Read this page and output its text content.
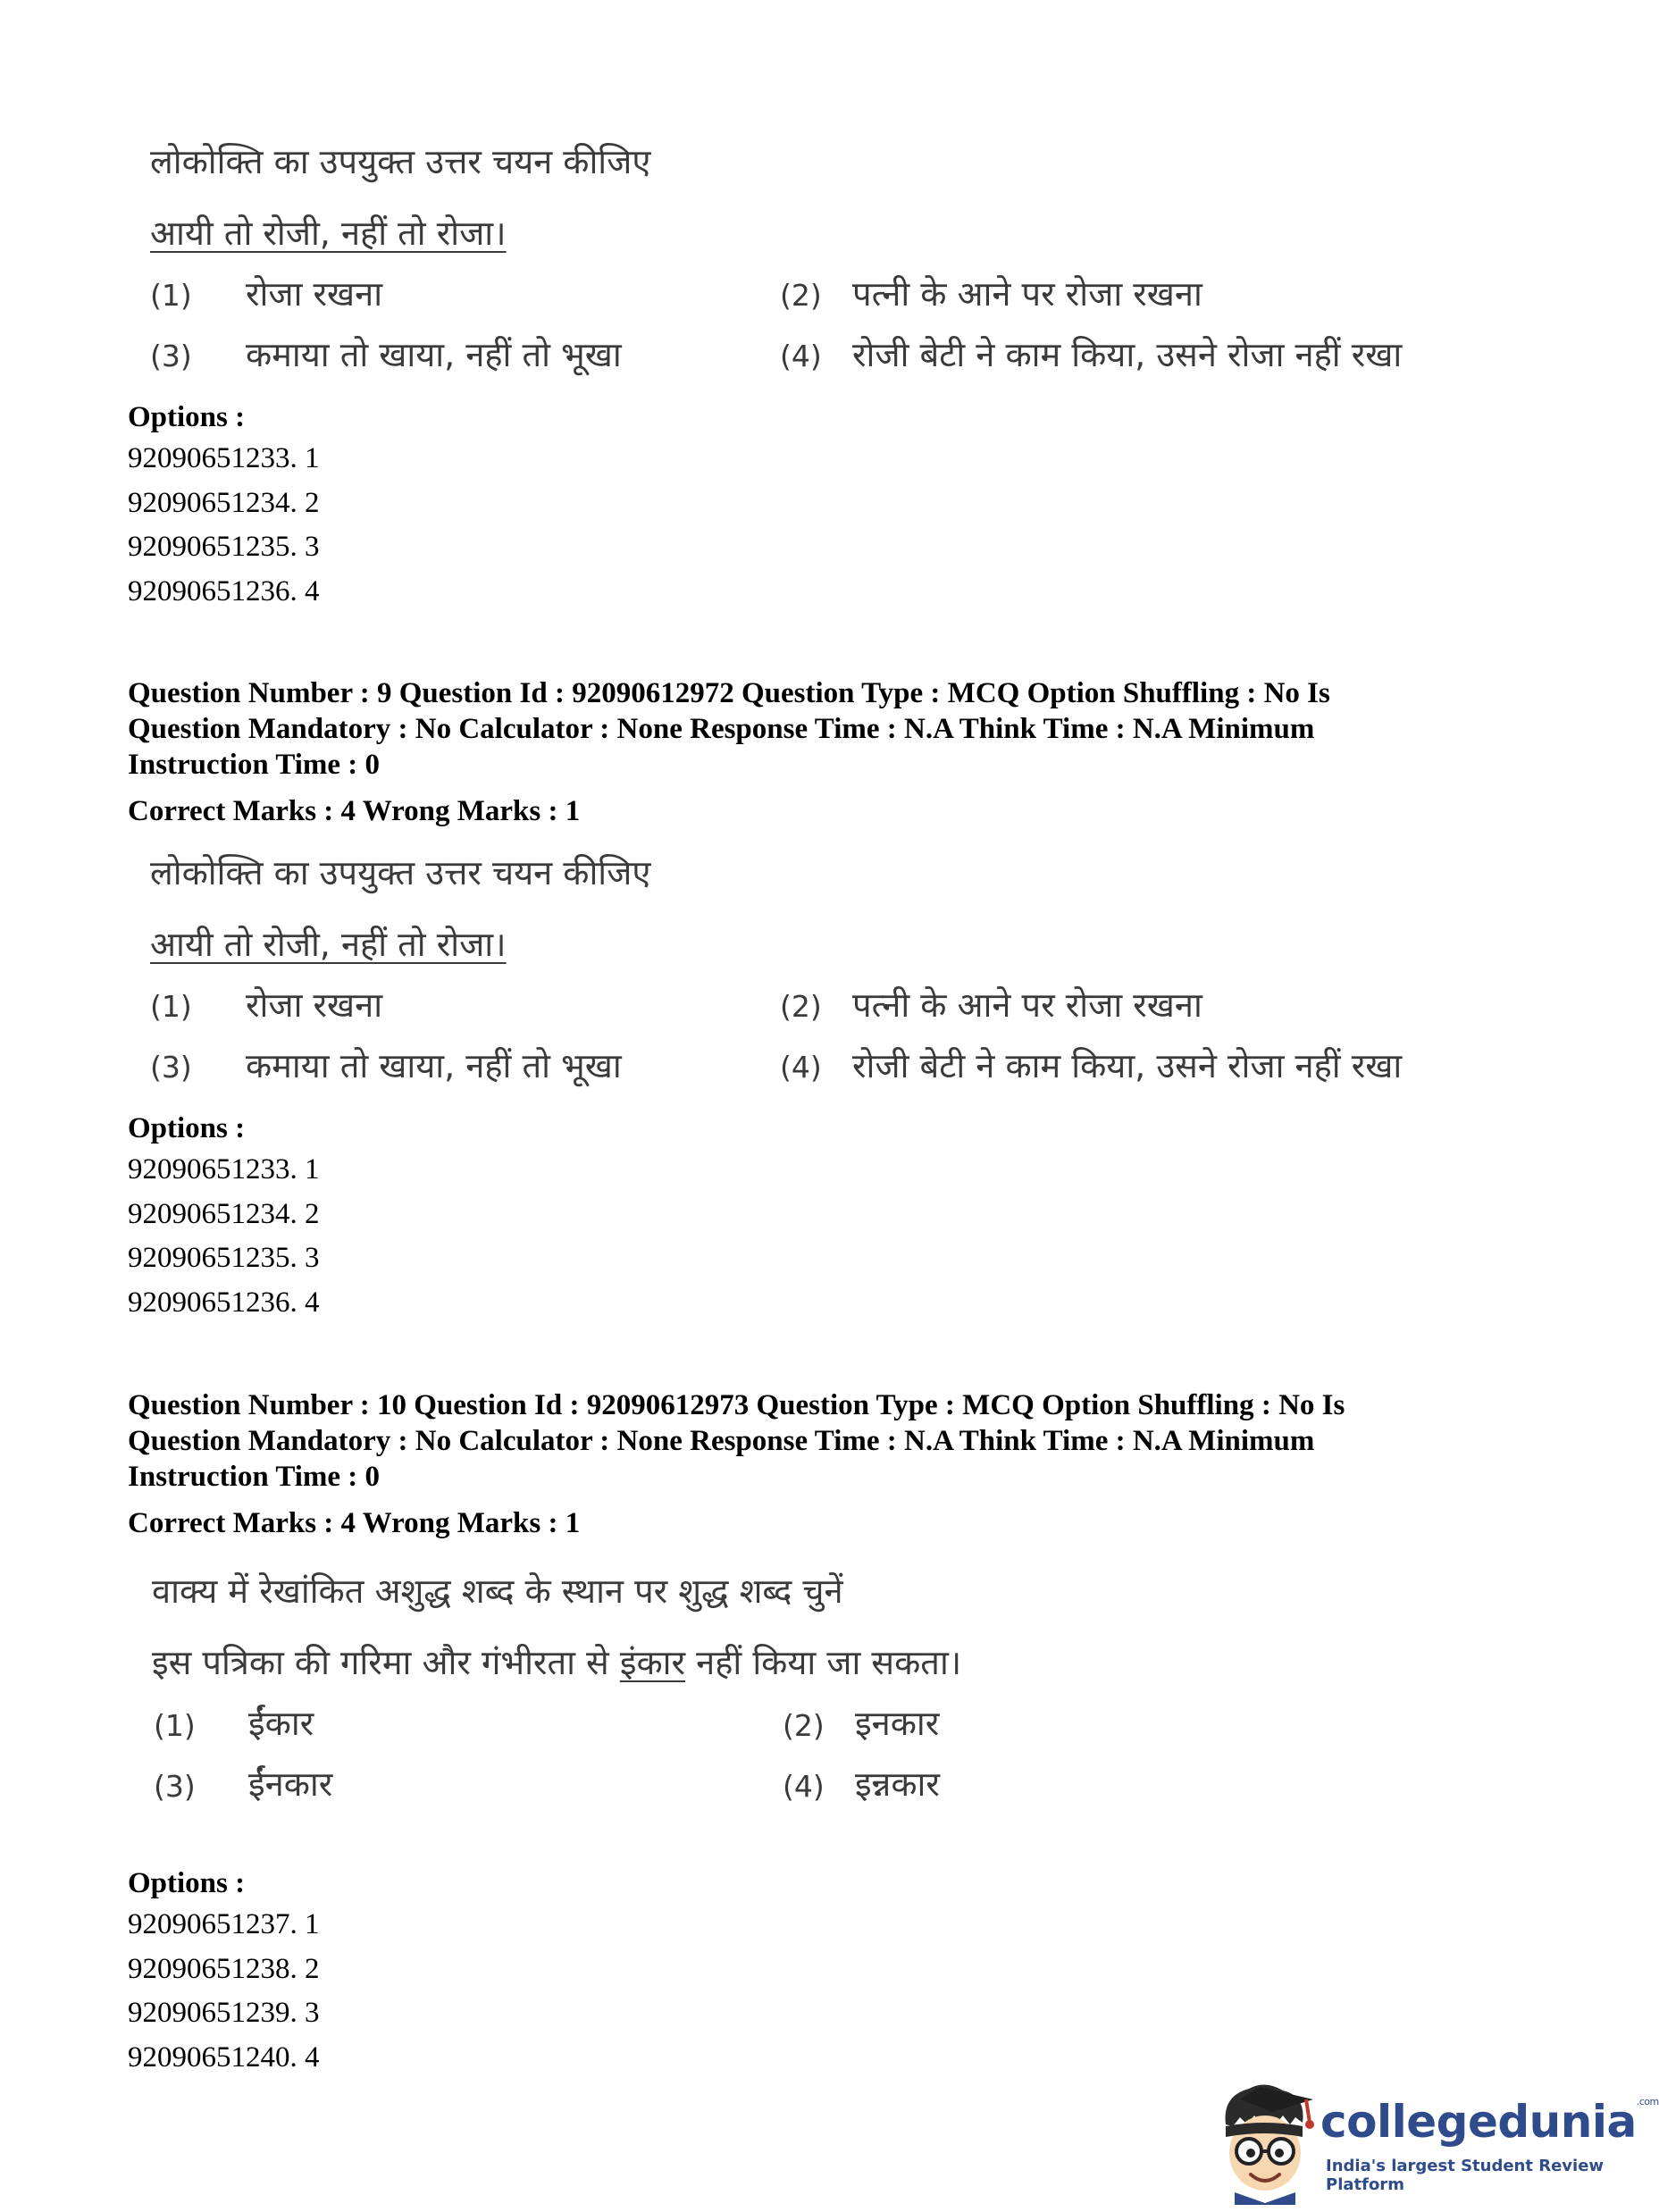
लोकोक्ति का उपयुक्त उत्तर चयन कीजिए
आयी तो रोजी, नहीं तो रोजा।
(1) रोजा रखना	(2) पत्नी के आने पर रोजा रखना
(3) कमाया तो खाया, नहीं तो भूखा	(4) रोजी बेटी ने काम किया, उसने रोजा नहीं रखा
Options :
92090651233. 1
92090651234. 2
92090651235. 3
92090651236. 4
Question Number : 9 Question Id : 92090612972 Question Type : MCQ Option Shuffling : No Is
Question Mandatory : No Calculator : None Response Time : N.A Think Time : N.A Minimum
Instruction Time : 0
Correct Marks : 4 Wrong Marks : 1
लोकोक्ति का उपयुक्त उत्तर चयन कीजिए
आयी तो रोजी, नहीं तो रोजा।
(1) रोजा रखना	(2) पत्नी के आने पर रोजा रखना
(3) कमाया तो खाया, नहीं तो भूखा	(4) रोजी बेटी ने काम किया, उसने रोजा नहीं रखा
Options :
92090651233. 1
92090651234. 2
92090651235. 3
92090651236. 4
Question Number : 10 Question Id : 92090612973 Question Type : MCQ Option Shuffling : No Is
Question Mandatory : No Calculator : None Response Time : N.A Think Time : N.A Minimum
Instruction Time : 0
Correct Marks : 4 Wrong Marks : 1
वाक्य में रेखांकित अशुद्ध शब्द के स्थान पर शुद्ध शब्द चुनें
इस पत्रिका की गरिमा और गंभीरता से इंकार नहीं किया जा सकता।
(1) ईंकार	(2) इनकार
(3) ईंनकार	(4) इन्नकार
Options :
92090651237. 1
92090651238. 2
92090651239. 3
92090651240. 4
collegedunia$^{.com}$
India's largest Student Review Platform
